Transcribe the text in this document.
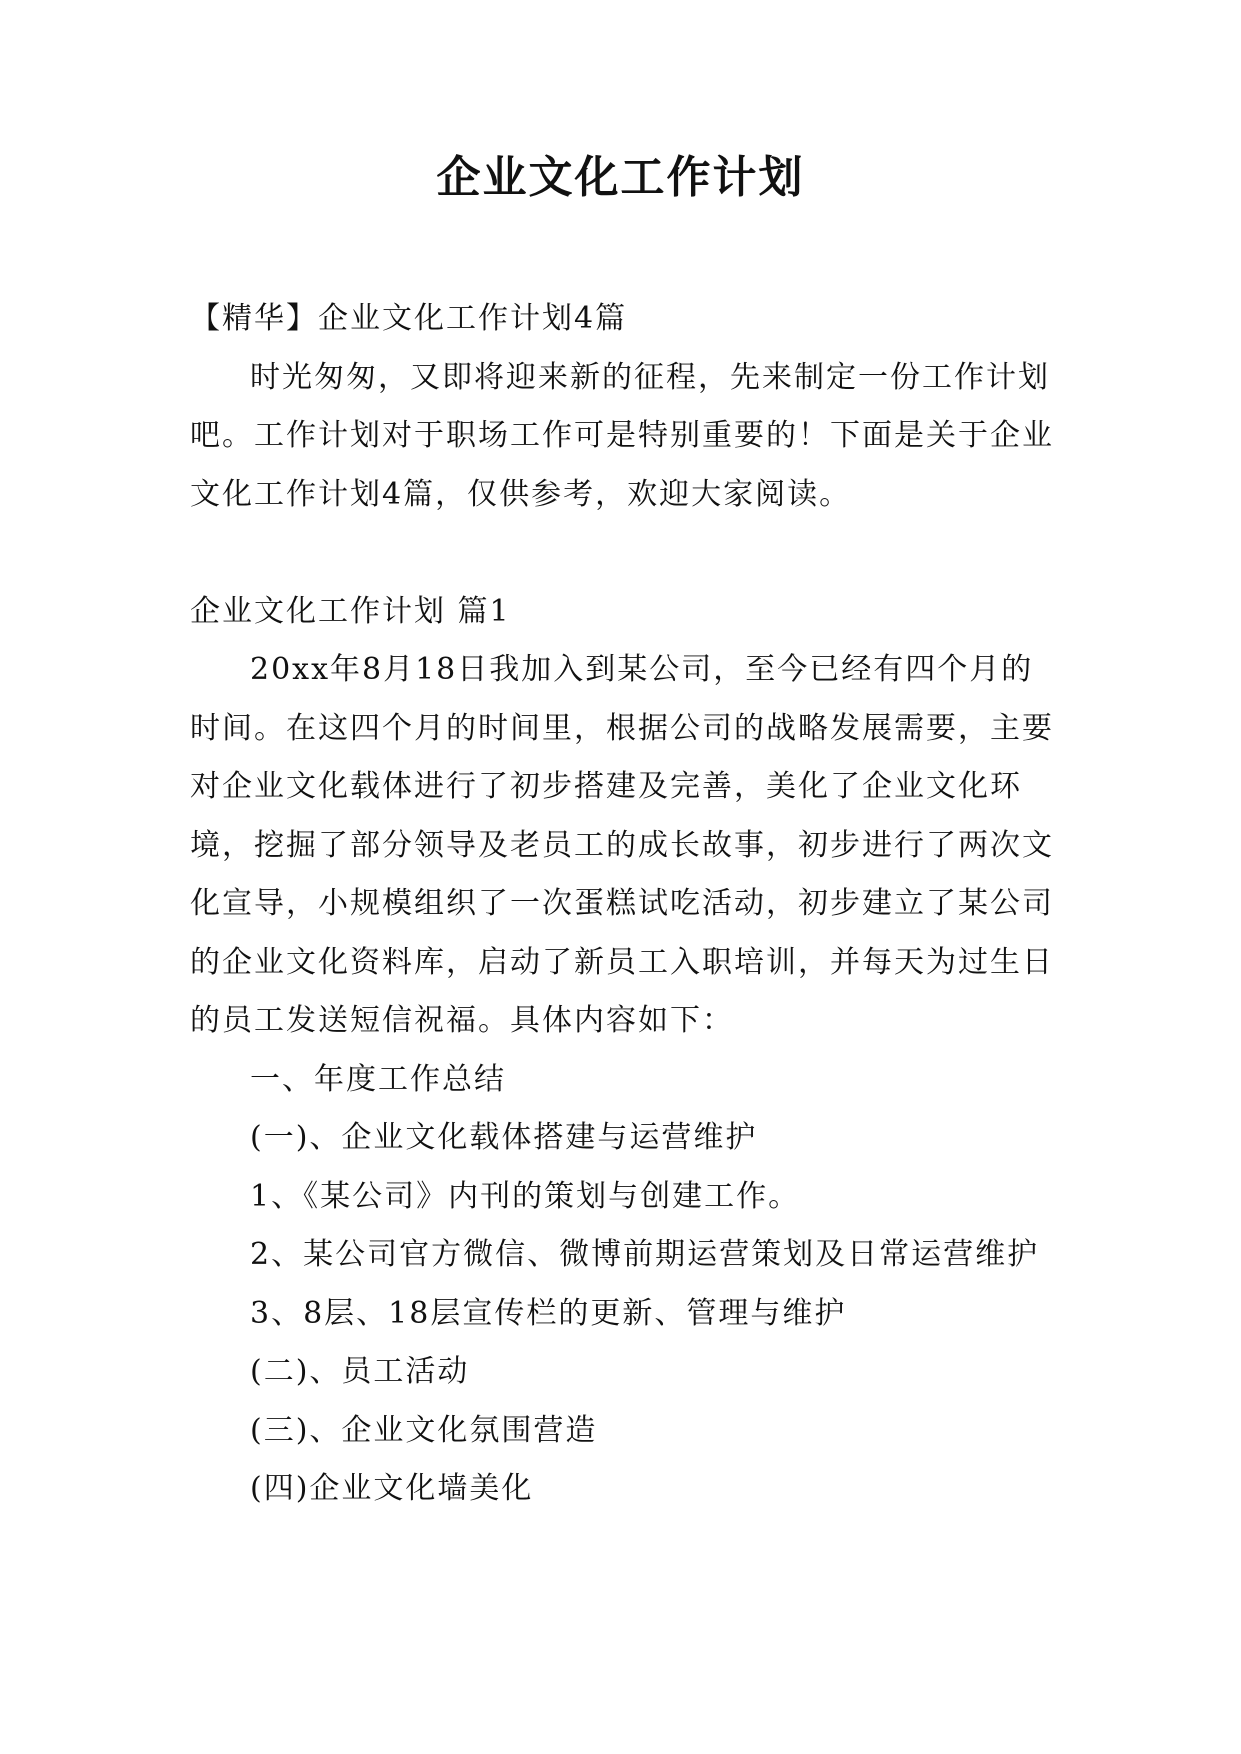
企业文化工作计划

【精华】企业文化工作计划4篇

时光匆匆，又即将迎来新的征程，先来制定一份工作计划吧。工作计划对于职场工作可是特别重要的！下面是关于企业文化工作计划4篇，仅供参考，欢迎大家阅读。

企业文化工作计划 篇1

20xx年8月18日我加入到某公司，至今已经有四个月的时间。在这四个月的时间里，根据公司的战略发展需要，主要对企业文化载体进行了初步搭建及完善，美化了企业文化环境，挖掘了部分领导及老员工的成长故事，初步进行了两次文化宣导，小规模组织了一次蛋糕试吃活动，初步建立了某公司的企业文化资料库，启动了新员工入职培训，并每天为过生日的员工发送短信祝福。具体内容如下：

一、年度工作总结

(一)、企业文化载体搭建与运营维护

1、《某公司》内刊的策划与创建工作。

2、某公司官方微信、微博前期运营策划及日常运营维护

3、8层、18层宣传栏的更新、管理与维护

(二)、员工活动

(三)、企业文化氛围营造

(四)企业文化墙美化
